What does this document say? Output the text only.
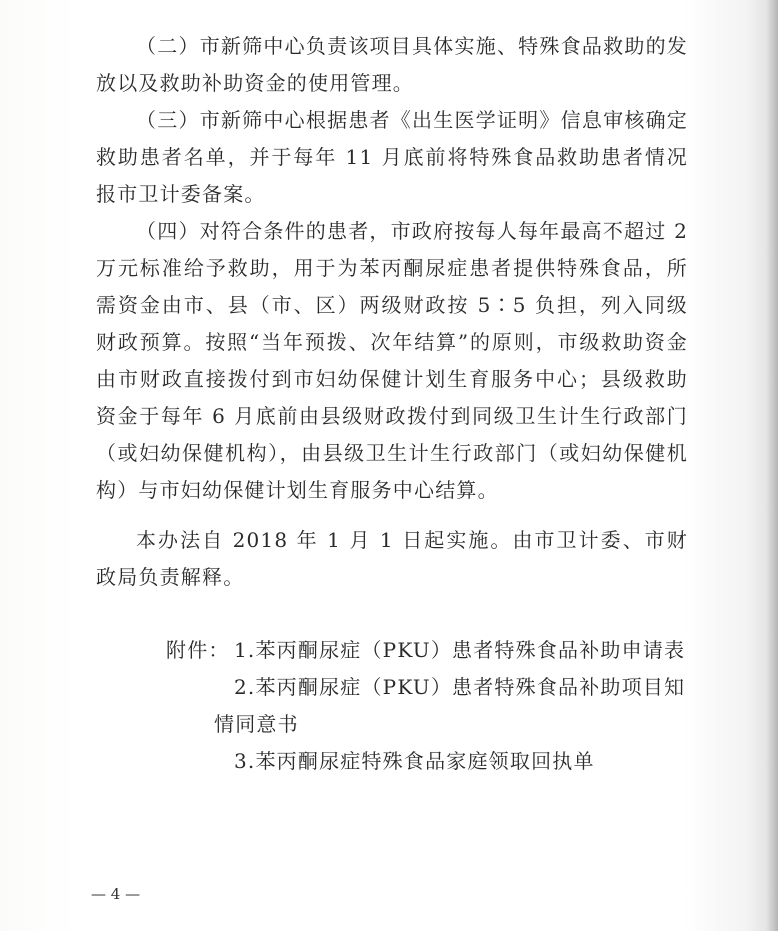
（二）市新筛中心负责该项目具体实施、特殊食品救助的发放以及救助补助资金的使用管理。

（三）市新筛中心根据患者《出生医学证明》信息审核确定救助患者名单，并于每年 11 月底前将特殊食品救助患者情况报市卫计委备案。

（四）对符合条件的患者，市政府按每人每年最高不超过 2 万元标准给予救助，用于为苯丙酮尿症患者提供特殊食品，所需资金由市、县（市、区）两级财政按 5∶5 负担，列入同级财政预算。按照“当年预拨、次年结算”的原则，市级救助资金由市财政直接拨付到市妇幼保健计划生育服务中心；县级救助资金于每年 6 月底前由县级财政拨付到同级卫生计生行政部门（或妇幼保健机构），由县级卫生计生行政部门（或妇幼保健机构）与市妇幼保健计划生育服务中心结算。

本办法自 2018 年 1 月 1 日起实施。由市卫计委、市财政局负责解释。

附件： 1.苯丙酮尿症（PKU）患者特殊食品补助申请表
2.苯丙酮尿症（PKU）患者特殊食品补助项目知
情同意书
3.苯丙酮尿症特殊食品家庭领取回执单
— 4 —
